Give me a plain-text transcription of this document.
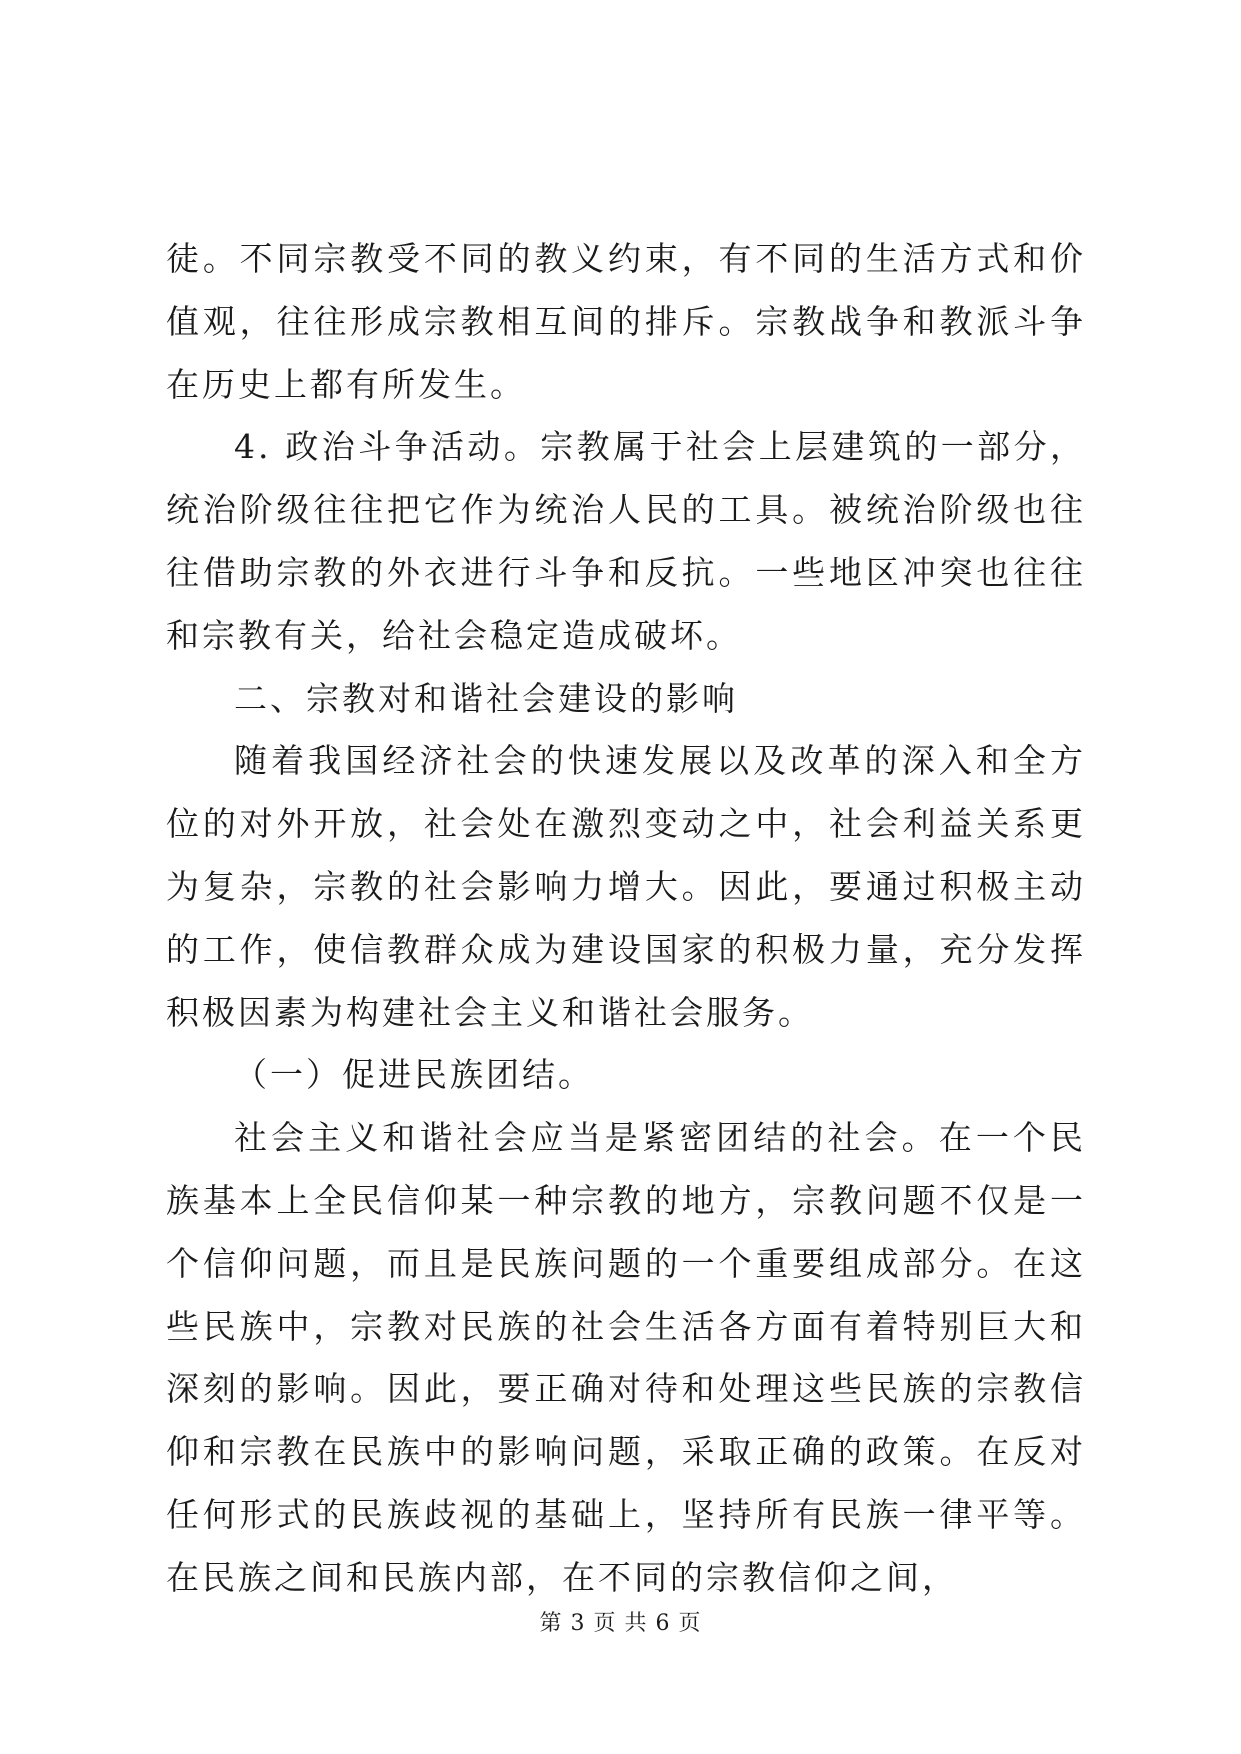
徒。不同宗教受不同的教义约束，有不同的生活方式和价值观，往往形成宗教相互间的排斥。宗教战争和教派斗争在历史上都有所发生。

4. 政治斗争活动。宗教属于社会上层建筑的一部分，统治阶级往往把它作为统治人民的工具。被统治阶级也往往借助宗教的外衣进行斗争和反抗。一些地区冲突也往往和宗教有关，给社会稳定造成破坏。

二、宗教对和谐社会建设的影响

随着我国经济社会的快速发展以及改革的深入和全方位的对外开放，社会处在激烈变动之中，社会利益关系更为复杂，宗教的社会影响力增大。因此，要通过积极主动的工作，使信教群众成为建设国家的积极力量，充分发挥积极因素为构建社会主义和谐社会服务。

（一）促进民族团结。

社会主义和谐社会应当是紧密团结的社会。在一个民族基本上全民信仰某一种宗教的地方，宗教问题不仅是一个信仰问题，而且是民族问题的一个重要组成部分。在这些民族中，宗教对民族的社会生活各方面有着特别巨大和深刻的影响。因此，要正确对待和处理这些民族的宗教信仰和宗教在民族中的影响问题，采取正确的政策。在反对任何形式的民族歧视的基础上，坚持所有民族一律平等。在民族之间和民族内部，在不同的宗教信仰之间，

第 3 页 共 6 页
